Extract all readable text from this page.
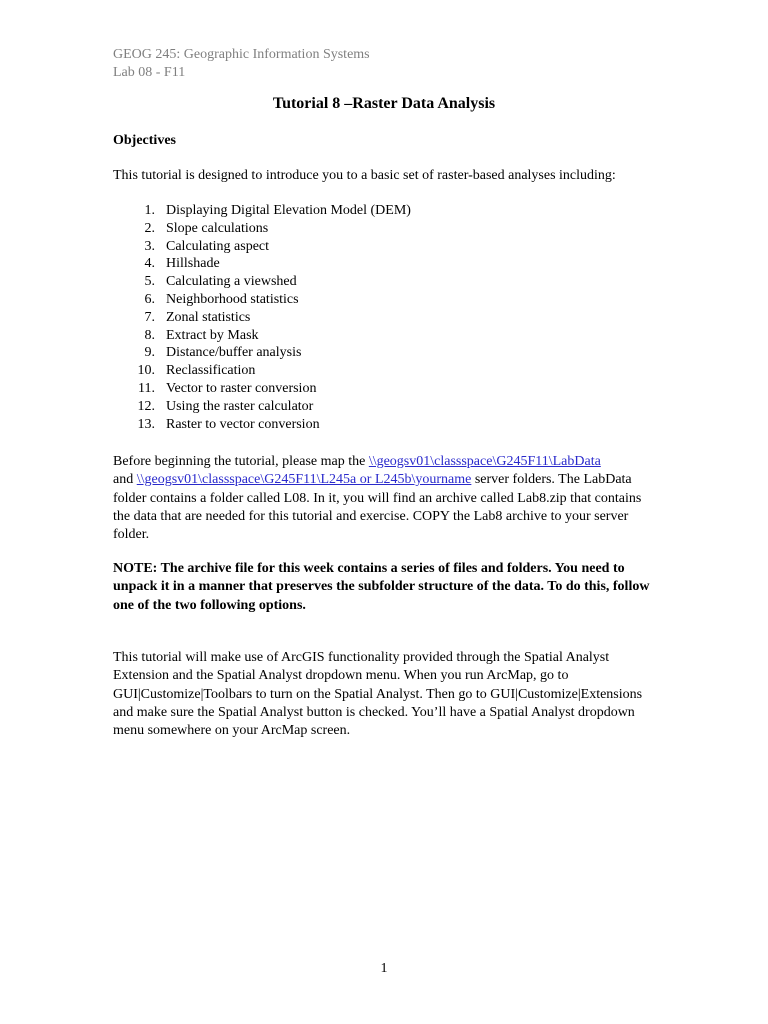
GEOG 245: Geographic Information Systems
Lab 08 - F11
Tutorial 8 –Raster Data Analysis
Objectives
This tutorial is designed to introduce you to a basic set of raster-based analyses including:
1. Displaying Digital Elevation Model (DEM)
2. Slope calculations
3. Calculating aspect
4. Hillshade
5. Calculating a viewshed
6. Neighborhood statistics
7. Zonal statistics
8. Extract by Mask
9. Distance/buffer analysis
10. Reclassification
11. Vector to raster conversion
12. Using the raster calculator
13. Raster to vector conversion
Before beginning the tutorial, please map the \\geogsv01\classspace\G245F11\LabData
and \\geogsv01\classspace\G245F11\L245a or L245b\yourname server folders. The LabData folder contains a folder called L08. In it, you will find an archive called Lab8.zip that contains the data that are needed for this tutorial and exercise. COPY the Lab8 archive to your server folder.
NOTE: The archive file for this week contains a series of files and folders. You need to unpack it in a manner that preserves the subfolder structure of the data. To do this, follow one of the two following options.
This tutorial will make use of ArcGIS functionality provided through the Spatial Analyst Extension and the Spatial Analyst dropdown menu. When you run ArcMap, go to GUI|Customize|Toolbars to turn on the Spatial Analyst. Then go to GUI|Customize|Extensions and make sure the Spatial Analyst button is checked. You’ll have a Spatial Analyst dropdown menu somewhere on your ArcMap screen.
1
